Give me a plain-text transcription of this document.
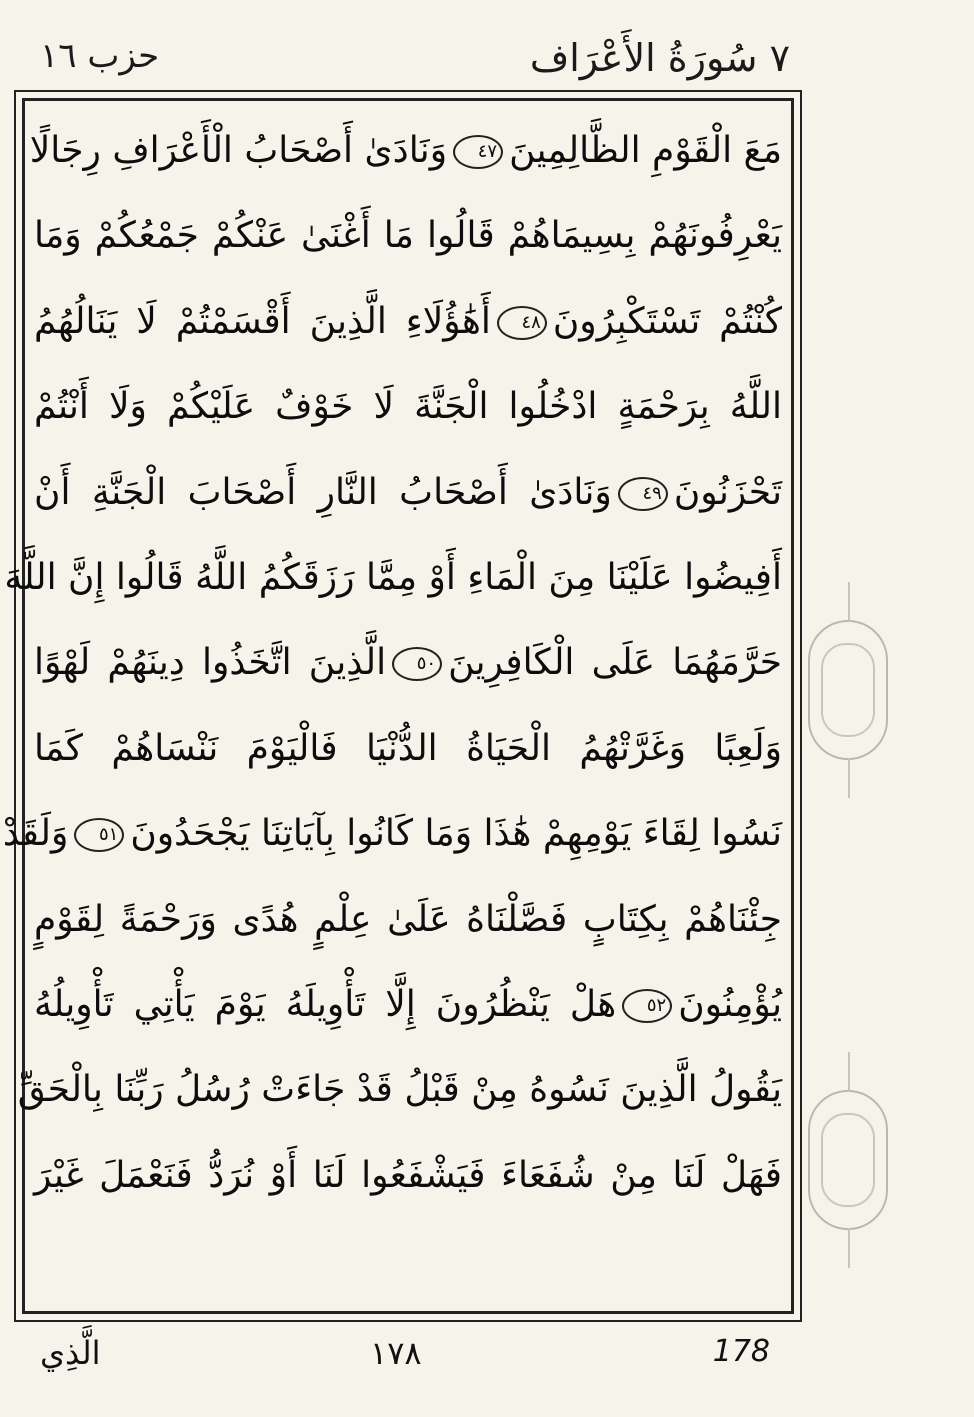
٧ سُورَةُ الأَعْرَاف
حزب ١٦
مَعَ الْقَوْمِ الظَّالِمِينَ٤٧وَنَادَىٰ أَصْحَابُ الْأَعْرَافِ رِجَالًا
يَعْرِفُونَهُمْ بِسِيمَاهُمْ قَالُوا مَا أَغْنَىٰ عَنْكُمْ جَمْعُكُمْ وَمَا
كُنْتُمْ تَسْتَكْبِرُونَ٤٨أَهَٰؤُلَاءِ الَّذِينَ أَقْسَمْتُمْ لَا يَنَالُهُمُ
اللَّهُ بِرَحْمَةٍ ادْخُلُوا الْجَنَّةَ لَا خَوْفٌ عَلَيْكُمْ وَلَا أَنْتُمْ
تَحْزَنُونَ٤٩وَنَادَىٰ أَصْحَابُ النَّارِ أَصْحَابَ الْجَنَّةِ أَنْ
أَفِيضُوا عَلَيْنَا مِنَ الْمَاءِ أَوْ مِمَّا رَزَقَكُمُ اللَّهُ قَالُوا إِنَّ اللَّهَ
حَرَّمَهُمَا عَلَى الْكَافِرِينَ٥٠الَّذِينَ اتَّخَذُوا دِينَهُمْ لَهْوًا
وَلَعِبًا وَغَرَّتْهُمُ الْحَيَاةُ الدُّنْيَا فَالْيَوْمَ نَنْسَاهُمْ كَمَا
نَسُوا لِقَاءَ يَوْمِهِمْ هَٰذَا وَمَا كَانُوا بِآيَاتِنَا يَجْحَدُونَ٥١وَلَقَدْ
جِئْنَاهُمْ بِكِتَابٍ فَصَّلْنَاهُ عَلَىٰ عِلْمٍ هُدًى وَرَحْمَةً لِقَوْمٍ
يُؤْمِنُونَ٥٢هَلْ يَنْظُرُونَ إِلَّا تَأْوِيلَهُ يَوْمَ يَأْتِي تَأْوِيلُهُ
يَقُولُ الَّذِينَ نَسُوهُ مِنْ قَبْلُ قَدْ جَاءَتْ رُسُلُ رَبِّنَا بِالْحَقِّ
فَهَلْ لَنَا مِنْ شُفَعَاءَ فَيَشْفَعُوا لَنَا أَوْ نُرَدُّ فَنَعْمَلَ غَيْرَ
الَّذِي	١٧٨	178
